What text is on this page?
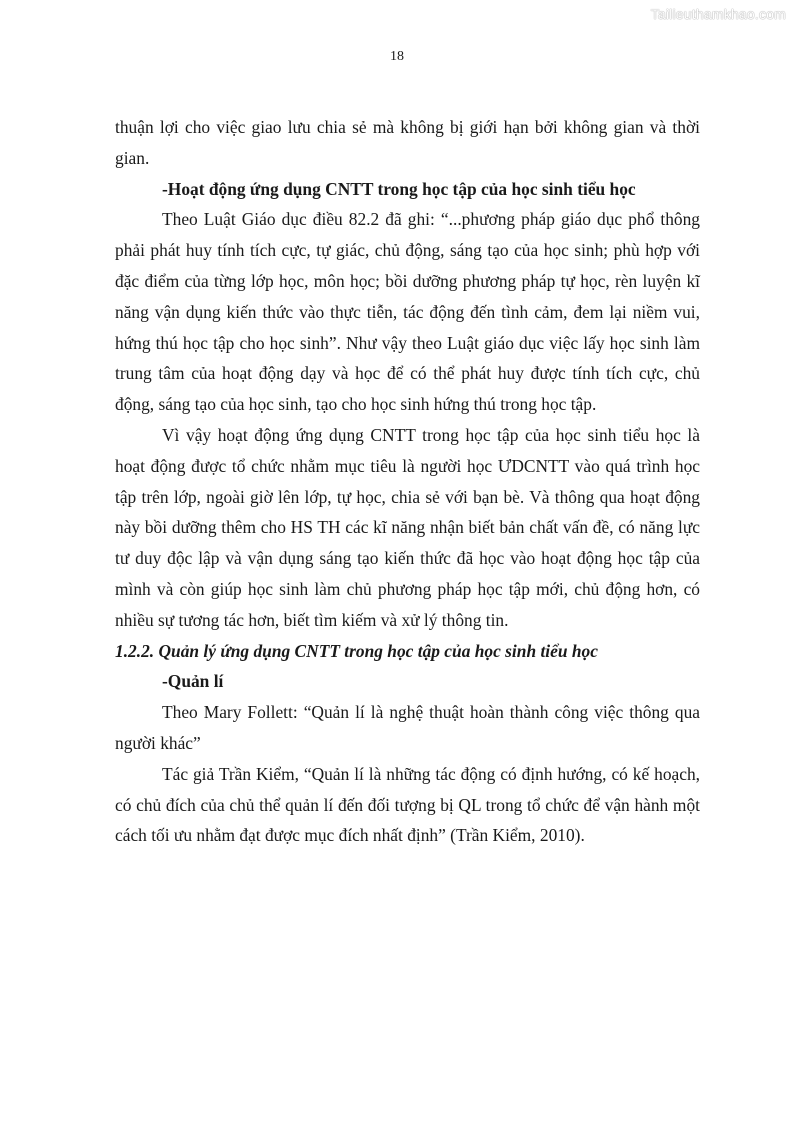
Tailieuthamkhao.com
18

thuận lợi cho việc giao lưu chia sẻ mà không bị giới hạn bởi không gian và thời gian.

-Hoạt động ứng dụng CNTT trong học tập của học sinh tiểu học

Theo Luật Giáo dục điều 82.2 đã ghi: “...phương pháp giáo dục phổ thông phải phát huy tính tích cực, tự giác, chủ động, sáng tạo của học sinh; phù hợp với đặc điểm của từng lớp học, môn học; bồi dưỡng phương pháp tự học, rèn luyện kĩ năng vận dụng kiến thức vào thực tiễn, tác động đến tình cảm, đem lại niềm vui, hứng thú học tập cho học sinh”. Như vậy theo Luật giáo dục việc lấy học sinh làm trung tâm của hoạt động dạy và học để có thể phát huy được tính tích cực, chủ động, sáng tạo của học sinh, tạo cho học sinh hứng thú trong học tập.

Vì vậy hoạt động ứng dụng CNTT trong học tập của học sinh tiểu học là hoạt động được tổ chức nhằm mục tiêu là người học ƯDCNTT vào quá trình học tập trên lớp, ngoài giờ lên lớp, tự học, chia sẻ với bạn bè. Và thông qua hoạt động này bồi dưỡng thêm cho HS TH các kĩ năng nhận biết bản chất vấn đề, có năng lực tư duy độc lập và vận dụng sáng tạo kiến thức đã học vào hoạt động học tập của mình và còn giúp học sinh làm chủ phương pháp học tập mới, chủ động hơn, có nhiều sự tương tác hơn, biết tìm kiếm và xử lý thông tin.

1.2.2. Quản lý ứng dụng CNTT trong học tập của học sinh tiểu học

-Quản lí

Theo Mary Follett: “Quản lí là nghệ thuật hoàn thành công việc thông qua người khác”

Tác giả Trần Kiểm, “Quản lí là những tác động có định hướng, có kế hoạch, có chủ đích của chủ thể quản lí đến đối tượng bị QL trong tổ chức để vận hành một cách tối ưu nhằm đạt được mục đích nhất định” (Trần Kiểm, 2010).
